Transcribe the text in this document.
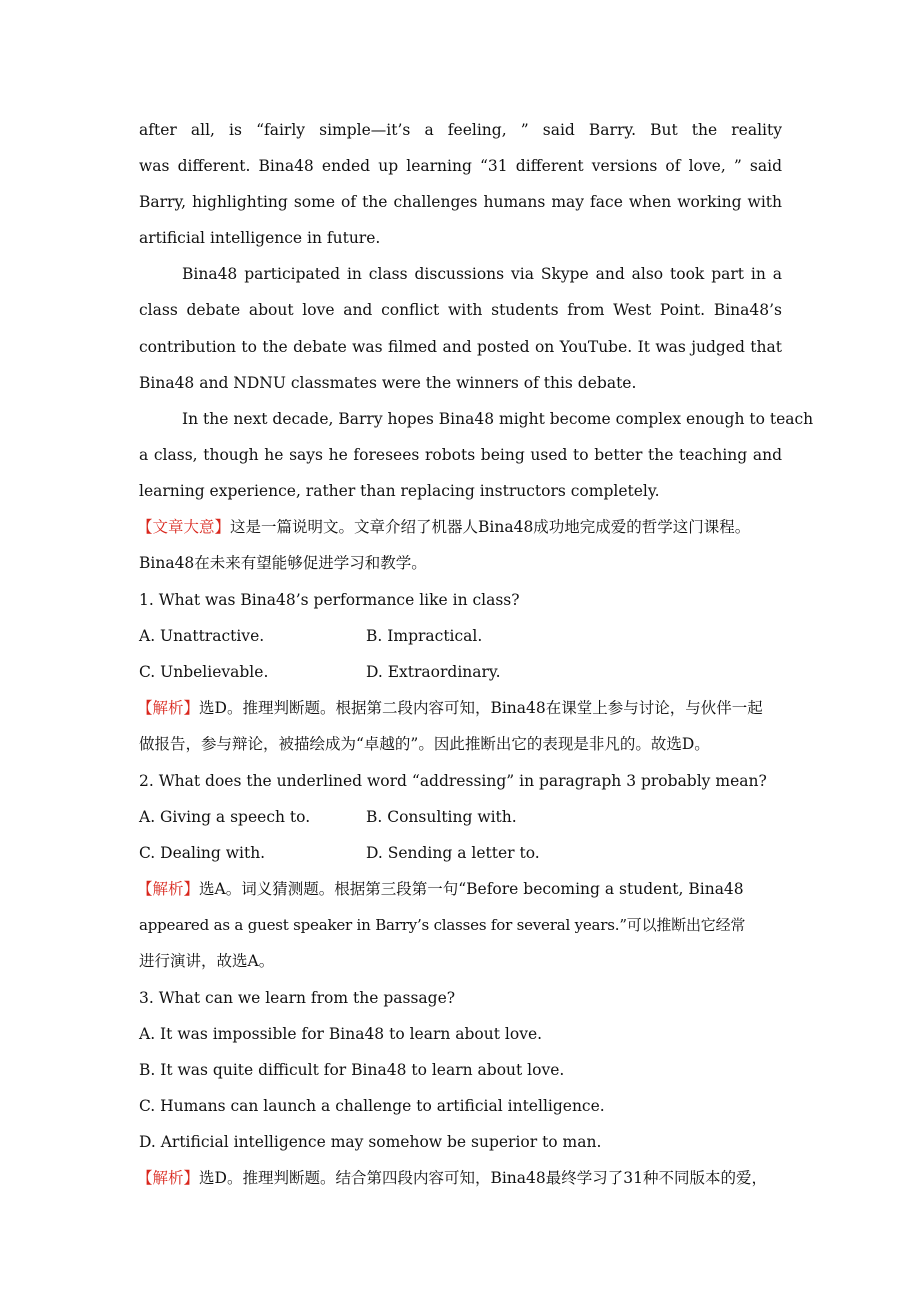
after all, is “fairly simple—it’s a feeling, ” said Barry. But the reality
was different. Bina48 ended up learning “31 different versions of love, ” said
Barry, highlighting some of the challenges humans may face when working with
artificial intelligence in future.
Bina48 participated in class discussions via Skype and also took part in a
class debate about love and conflict with students from West Point. Bina48’s
contribution to the debate was filmed and posted on YouTube. It was judged that
Bina48 and NDNU classmates were the winners of this debate.
In the next decade, Barry hopes Bina48 might become complex enough to teach
a class, though he says he foresees robots being used to better the teaching and
learning experience, rather than replacing instructors completely.
【文章大意】这是一篇说明文。文章介绍了机器人Bina48成功地完成爱的哲学这门课程。
Bina48在未来有望能够促进学习和教学。
1. What was Bina48’s performance like in class?
A. Unattractive.	B. Impractical.
C. Unbelievable.	D. Extraordinary.
【解析】选D。推理判断题。根据第二段内容可知，Bina48在课堂上参与讨论，与伙伴一起
做报告，参与辩论，被描绘成为“卓越的”。因此推断出它的表现是非凡的。故选D。
2. What does the underlined word “addressing” in paragraph 3 probably mean?
A. Giving a speech to.	B. Consulting with.
C. Dealing with.	D. Sending a letter to.
【解析】选A。词义猜测题。根据第三段第一句“Before becoming a student, Bina48
appeared as a guest speaker in Barry’s classes for several years.”可以推断出它经常
进行演讲，故选A。
3. What can we learn from the passage?
A. It was impossible for Bina48 to learn about love.
B. It was quite difficult for Bina48 to learn about love.
C. Humans can launch a challenge to artificial intelligence.
D. Artificial intelligence may somehow be superior to man.
【解析】选D。推理判断题。结合第四段内容可知，Bina48最终学习了31种不同版本的爱，
